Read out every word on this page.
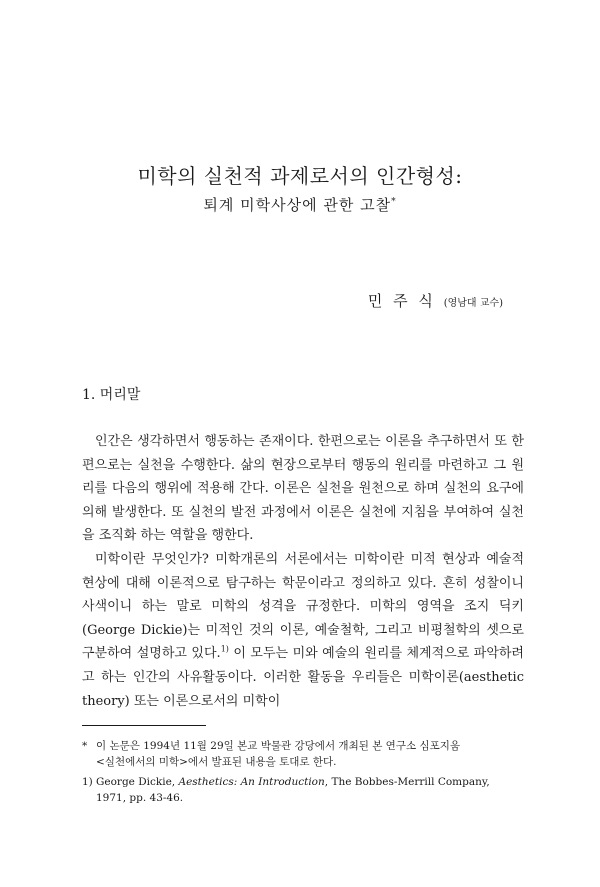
미학의 실천적 과제로서의 인간형성:
퇴계 미학사상에 관한 고찰*
민 주 식 (영남대 교수)
1. 머리말

인간은 생각하면서 행동하는 존재이다. 한편으로는 이론을 추구하면서 또 한편으로는 실천을 수행한다. 삶의 현장으로부터 행동의 원리를 마련하고 그 원리를 다음의 행위에 적용해 간다. 이론은 실천을 원천으로 하며 실천의 요구에 의해 발생한다. 또 실천의 발전 과정에서 이론은 실천에 지침을 부여하여 실천을 조직화 하는 역할을 행한다.

미학이란 무엇인가? 미학개론의 서론에서는 미학이란 미적 현상과 예술적 현상에 대해 이론적으로 탐구하는 학문이라고 정의하고 있다. 흔히 성찰이니 사색이니 하는 말로 미학의 성격을 규정한다. 미학의 영역을 조지 딕키(George Dickie)는 미적인 것의 이론, 예술철학, 그리고 비평철학의 셋으로 구분하여 설명하고 있다.$^{1)}$ 이 모두는 미와 예술의 원리를 체계적으로 파악하려고 하는 인간의 사유활동이다. 이러한 활동을 우리들은 미학이론(aesthetic theory) 또는 이론으로서의 미학이

* 이 논문은 1994년 11월 29일 본교 박물관 강당에서 개최된 본 연구소 심포지움
<실천에서의 미학>에서 발표된 내용을 토대로 한다.
1) George Dickie, Aesthetics: An Introduction, The Bobbes-Merrill Company,
1971, pp. 43-46.
